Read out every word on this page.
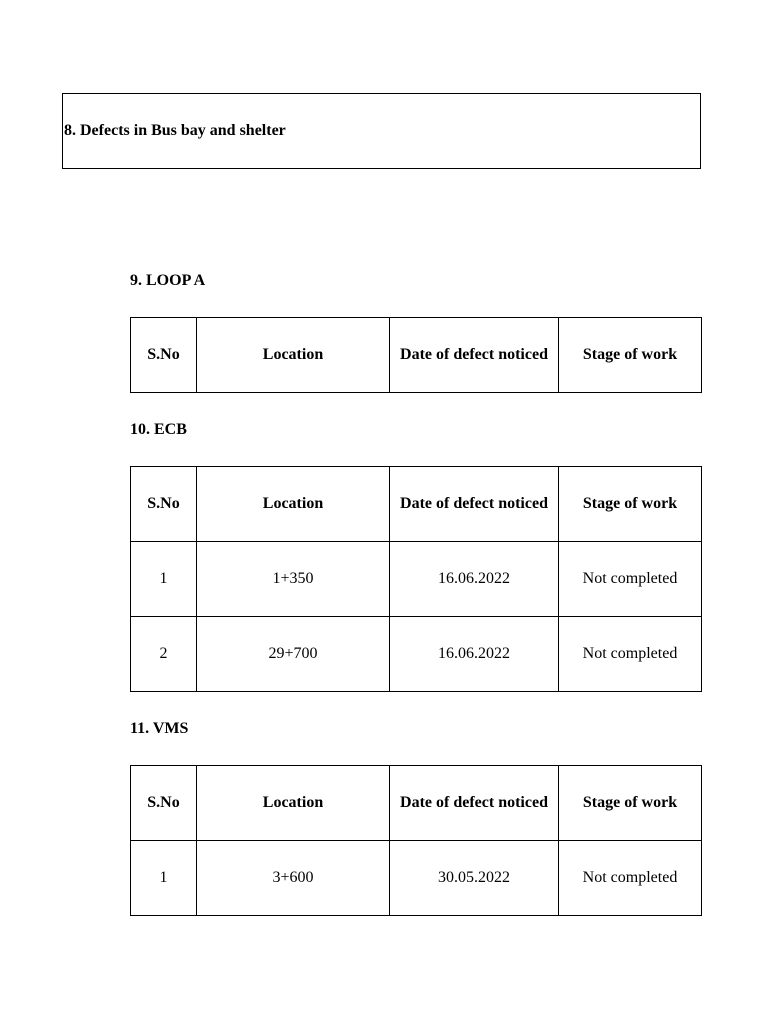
8. Defects in Bus bay and shelter
9. LOOP A
S.No	Location	Date of defect noticed	Stage of work
10. ECB
S.No	Location	Date of defect noticed	Stage of work
1	1+350	16.06.2022	Not completed
2	29+700	16.06.2022	Not completed
11. VMS
S.No	Location	Date of defect noticed	Stage of work
1	3+600	30.05.2022	Not completed
